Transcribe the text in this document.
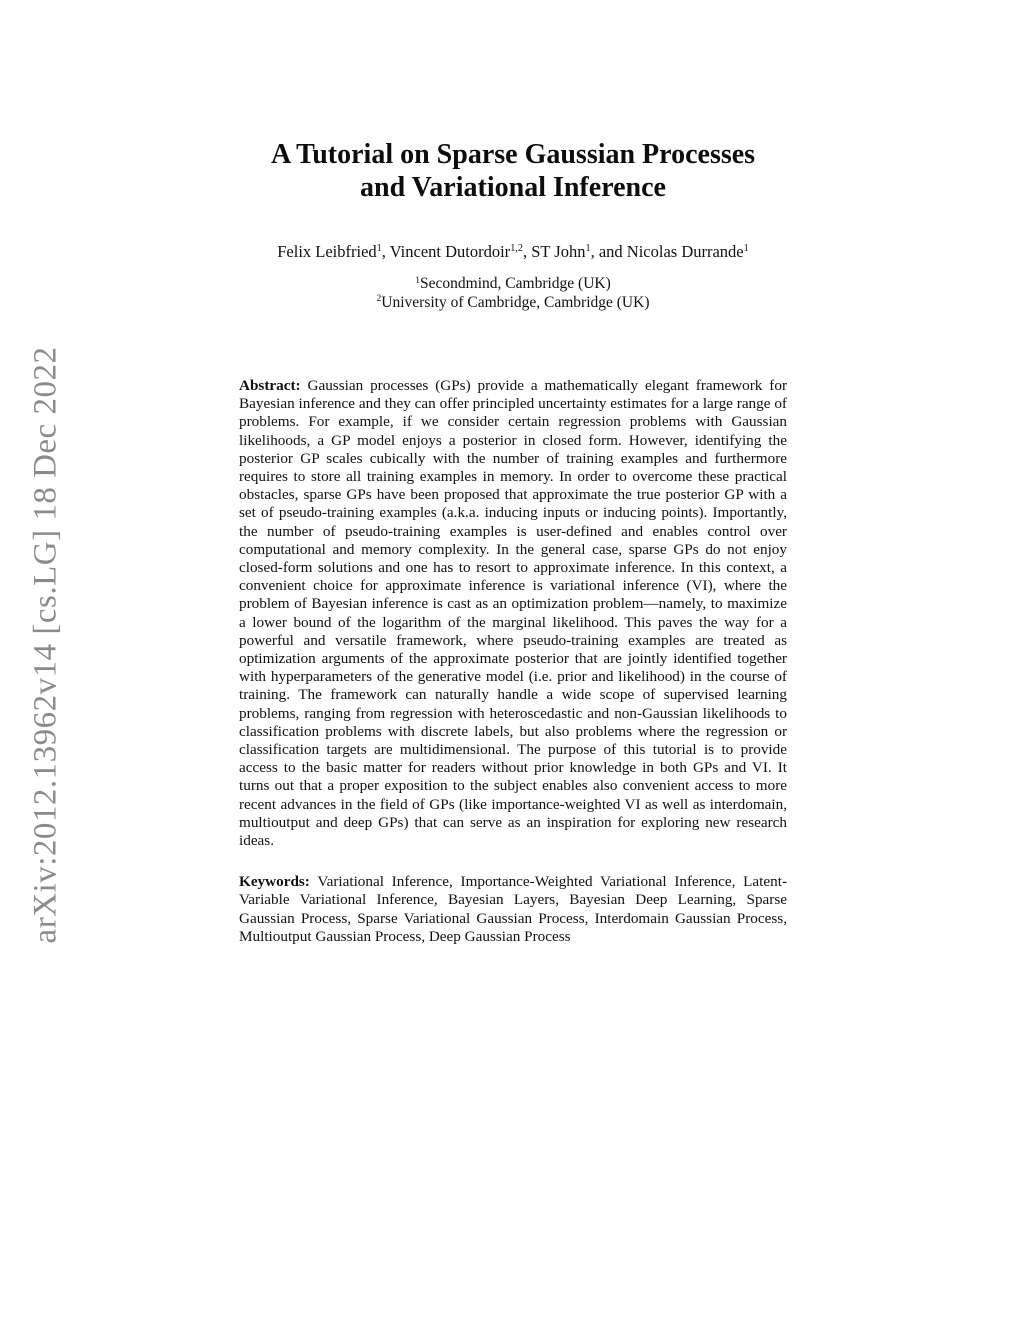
arXiv:2012.13962v14 [cs.LG] 18 Dec 2022
A Tutorial on Sparse Gaussian Processes
and Variational Inference
Felix Leibfried$^1$, Vincent Dutordoir$^{1,2}$, ST John$^1$, and Nicolas Durrande$^1$
$^1$Secondmind, Cambridge (UK)
$^2$University of Cambridge, Cambridge (UK)

Abstract: Gaussian processes (GPs) provide a mathematically elegant framework for Bayesian inference and they can offer principled uncertainty estimates for a large range of problems. For example, if we consider certain regression problems with Gaussian likelihoods, a GP model enjoys a posterior in closed form. However, identifying the posterior GP scales cubically with the number of training examples and furthermore requires to store all training examples in memory. In order to overcome these practical obstacles, sparse GPs have been proposed that approximate the true posterior GP with a set of pseudo-training examples (a.k.a. inducing inputs or inducing points). Importantly, the number of pseudo-training examples is user-defined and enables control over computational and memory complexity. In the general case, sparse GPs do not enjoy closed-form solutions and one has to resort to approximate inference. In this context, a convenient choice for approximate inference is variational inference (VI), where the problem of Bayesian inference is cast as an optimization problem—namely, to maximize a lower bound of the logarithm of the marginal likelihood. This paves the way for a powerful and versatile framework, where pseudo-training examples are treated as optimization arguments of the approximate posterior that are jointly identified together with hyperparameters of the generative model (i.e. prior and likelihood) in the course of training. The framework can naturally handle a wide scope of supervised learning problems, ranging from regression with heteroscedastic and non-Gaussian likelihoods to classification problems with discrete labels, but also problems where the regression or classification targets are multidimensional. The purpose of this tutorial is to provide access to the basic matter for readers without prior knowledge in both GPs and VI. It turns out that a proper exposition to the subject enables also convenient access to more recent advances in the field of GPs (like importance-weighted VI as well as interdomain, multioutput and deep GPs) that can serve as an inspiration for exploring new research ideas.

Keywords: Variational Inference, Importance-Weighted Variational Inference, Latent-Variable Variational Inference, Bayesian Layers, Bayesian Deep Learning, Sparse Gaussian Process, Sparse Variational Gaussian Process, Interdomain Gaussian Process, Multioutput Gaussian Process, Deep Gaussian Process
